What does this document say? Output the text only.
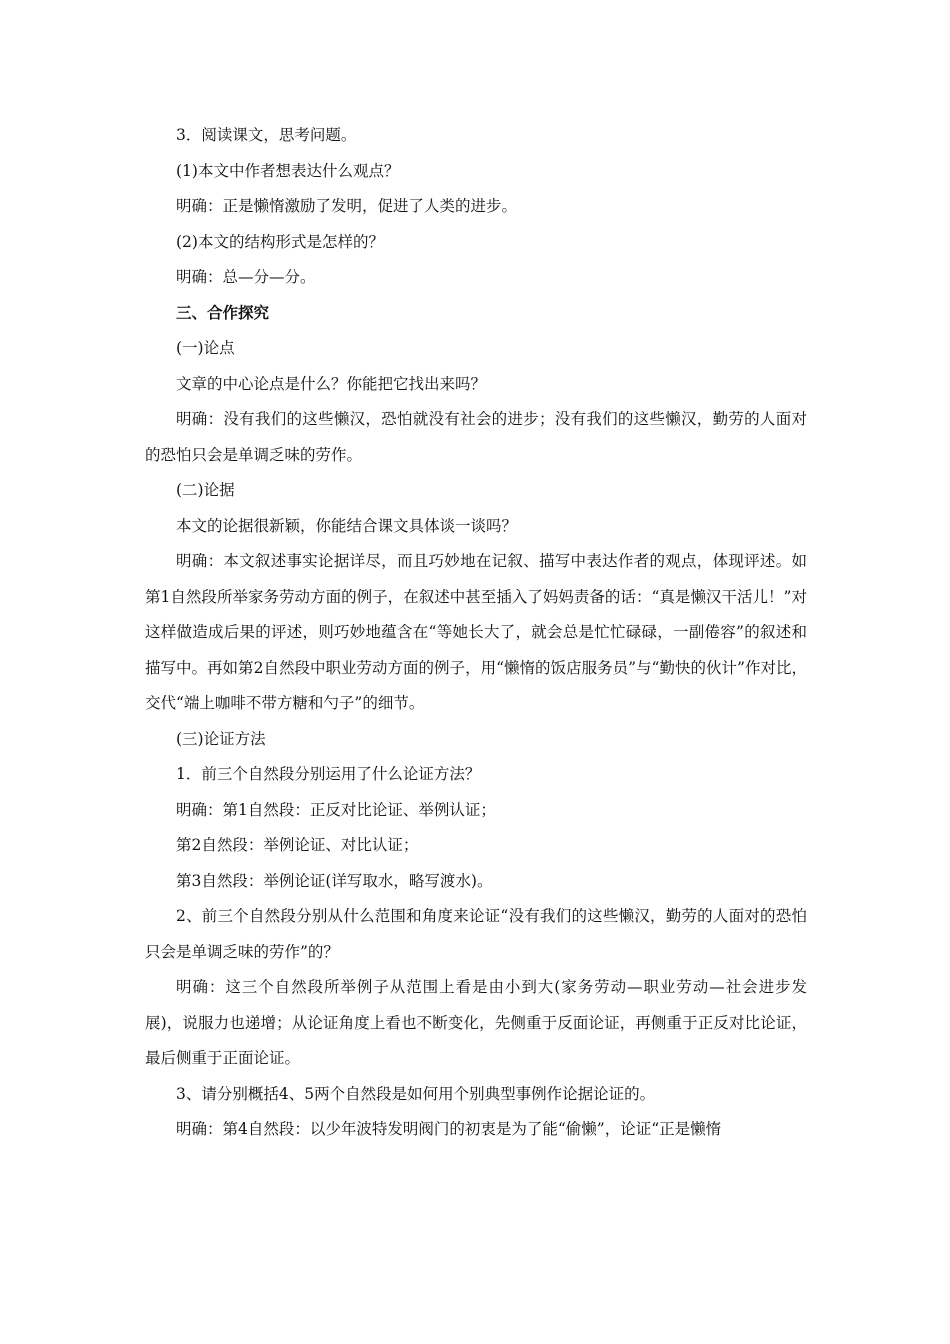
3．阅读课文，思考问题。

(1)本文中作者想表达什么观点？

明确：正是懒惰激励了发明，促进了人类的进步。

(2)本文的结构形式是怎样的？

明确：总—分—分。

三、合作探究

(一)论点

文章的中心论点是什么？你能把它找出来吗？

明确：没有我们的这些懒汉，恐怕就没有社会的进步；没有我们的这些懒汉，勤劳的人面对的恐怕只会是单调乏味的劳作。

(二)论据

本文的论据很新颖，你能结合课文具体谈一谈吗？

明确：本文叙述事实论据详尽，而且巧妙地在记叙、描写中表达作者的观点，体现评述。如第1自然段所举家务劳动方面的例子，在叙述中甚至插入了妈妈责备的话：“真是懒汉干活儿！”对这样做造成后果的评述，则巧妙地蕴含在“等她长大了，就会总是忙忙碌碌，一副倦容”的叙述和描写中。再如第2自然段中职业劳动方面的例子，用“懒惰的饭店服务员”与“勤快的伙计”作对比，交代“端上咖啡不带方糖和勺子”的细节。

(三)论证方法

1．前三个自然段分别运用了什么论证方法？

明确：第1自然段：正反对比论证、举例认证；

第2自然段：举例论证、对比认证；

第3自然段：举例论证(详写取水，略写渡水)。

2、前三个自然段分别从什么范围和角度来论证“没有我们的这些懒汉，勤劳的人面对的恐怕只会是单调乏味的劳作”的？

明确：这三个自然段所举例子从范围上看是由小到大(家务劳动—职业劳动—社会进步发展)，说服力也递增；从论证角度上看也不断变化，先侧重于反面论证，再侧重于正反对比论证，最后侧重于正面论证。

3、请分别概括4、5两个自然段是如何用个别典型事例作论据论证的。

明确：第4自然段：以少年波特发明阀门的初衷是为了能“偷懒”，论证“正是懒惰
